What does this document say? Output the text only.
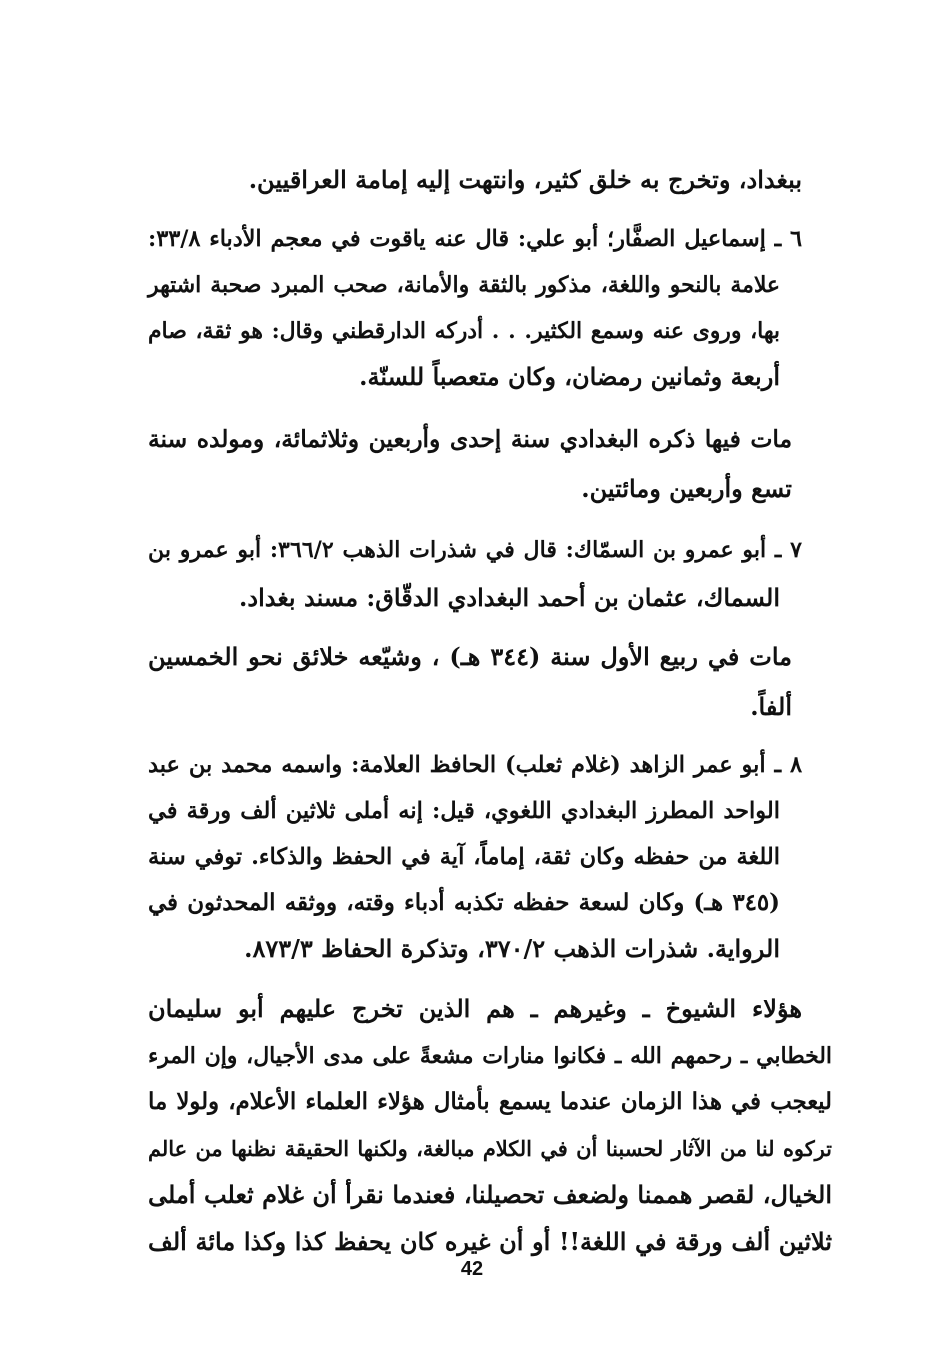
ببغداد، وتخرج به خلق كثير، وانتهت إليه إمامة العراقيين.
٦ ـ إسماعيل الصفَّار؛ أبو علي: قال عنه ياقوت في معجم الأدباء ٣٣/٨:
علامة بالنحو واللغة، مذكور بالثقة والأمانة، صحب المبرد صحبة اشتهر
بها، وروى عنه وسمع الكثير. . . أدركه الدارقطني وقال: هو ثقة، صام
أربعة وثمانين رمضان، وكان متعصباً للسنّة.
مات فيها ذكره البغدادي سنة إحدى وأربعين وثلاثمائة، ومولده سنة
تسع وأربعين ومائتين.
٧ ـ أبو عمرو بن السمّاك: قال في شذرات الذهب ٣٦٦/٢: أبو عمرو بن
السماك، عثمان بن أحمد البغدادي الدقّاق: مسند بغداد.
مات في ربيع الأول سنة (٣٤٤ هـ) ، وشيّعه خلائق نحو الخمسين
ألفاً.
٨ ـ أبو عمر الزاهد (غلام ثعلب) الحافظ العلامة: واسمه محمد بن عبد
الواحد المطرز البغدادي اللغوي، قيل: إنه أملى ثلاثين ألف ورقة في
اللغة من حفظه وكان ثقة، إماماً، آية في الحفظ والذكاء. توفي سنة
(٣٤٥ هـ) وكان لسعة حفظه تكذبه أدباء وقته، ووثقه المحدثون في
الرواية. شذرات الذهب ٣٧٠/٢، وتذكرة الحفاظ ٨٧٣/٣.
هؤلاء الشيوخ ـ وغيرهم ـ هم الذين تخرج عليهم أبو سليمان
الخطابي ـ رحمهم الله ـ فكانوا منارات مشعةً على مدى الأجيال، وإن المرء
ليعجب في هذا الزمان عندما يسمع بأمثال هؤلاء العلماء الأعلام، ولولا ما
تركوه لنا من الآثار لحسبنا أن في الكلام مبالغة، ولكنها الحقيقة نظنها من عالم
الخيال، لقصر هممنا ولضعف تحصيلنا، فعندما نقرأ أن غلام ثعلب أملى
ثلاثين ألف ورقة في اللغة!! أو أن غيره كان يحفظ كذا وكذا مائة ألف
42
